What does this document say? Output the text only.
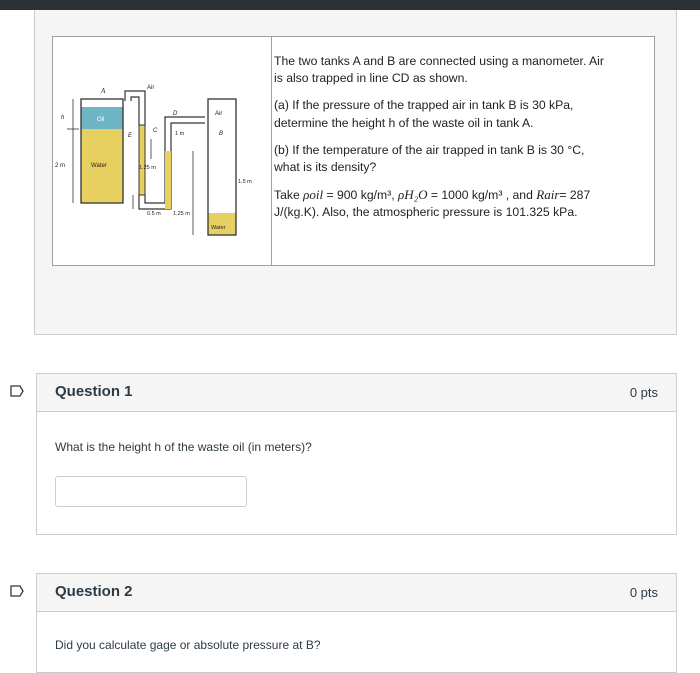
A	Air
h	Oil
E
C
D	Air
B
1 m
2 m	Water	1.25 m
1.25 m
1.5 m
0.5 m
Water

The two tanks A and B are connected using a manometer. Air

is also trapped in line CD as shown.

(a) If the pressure of the trapped air in tank B is 30 kPa,

determine the height h of the waste oil in tank A.

(b) If the temperature of the air trapped in tank B is 30 °C,

what is its density?

Take ρoil = 900 kg/m³, ρH₂O = 1000 kg/m³ , and Rair= 287

J/(kg.K). Also, the atmospheric pressure is 101.325 kPa.

Question 1	0 pts
What is the height h of the waste oil (in meters)?
Question 2	0 pts
Did you calculate gage or absolute pressure at B?
